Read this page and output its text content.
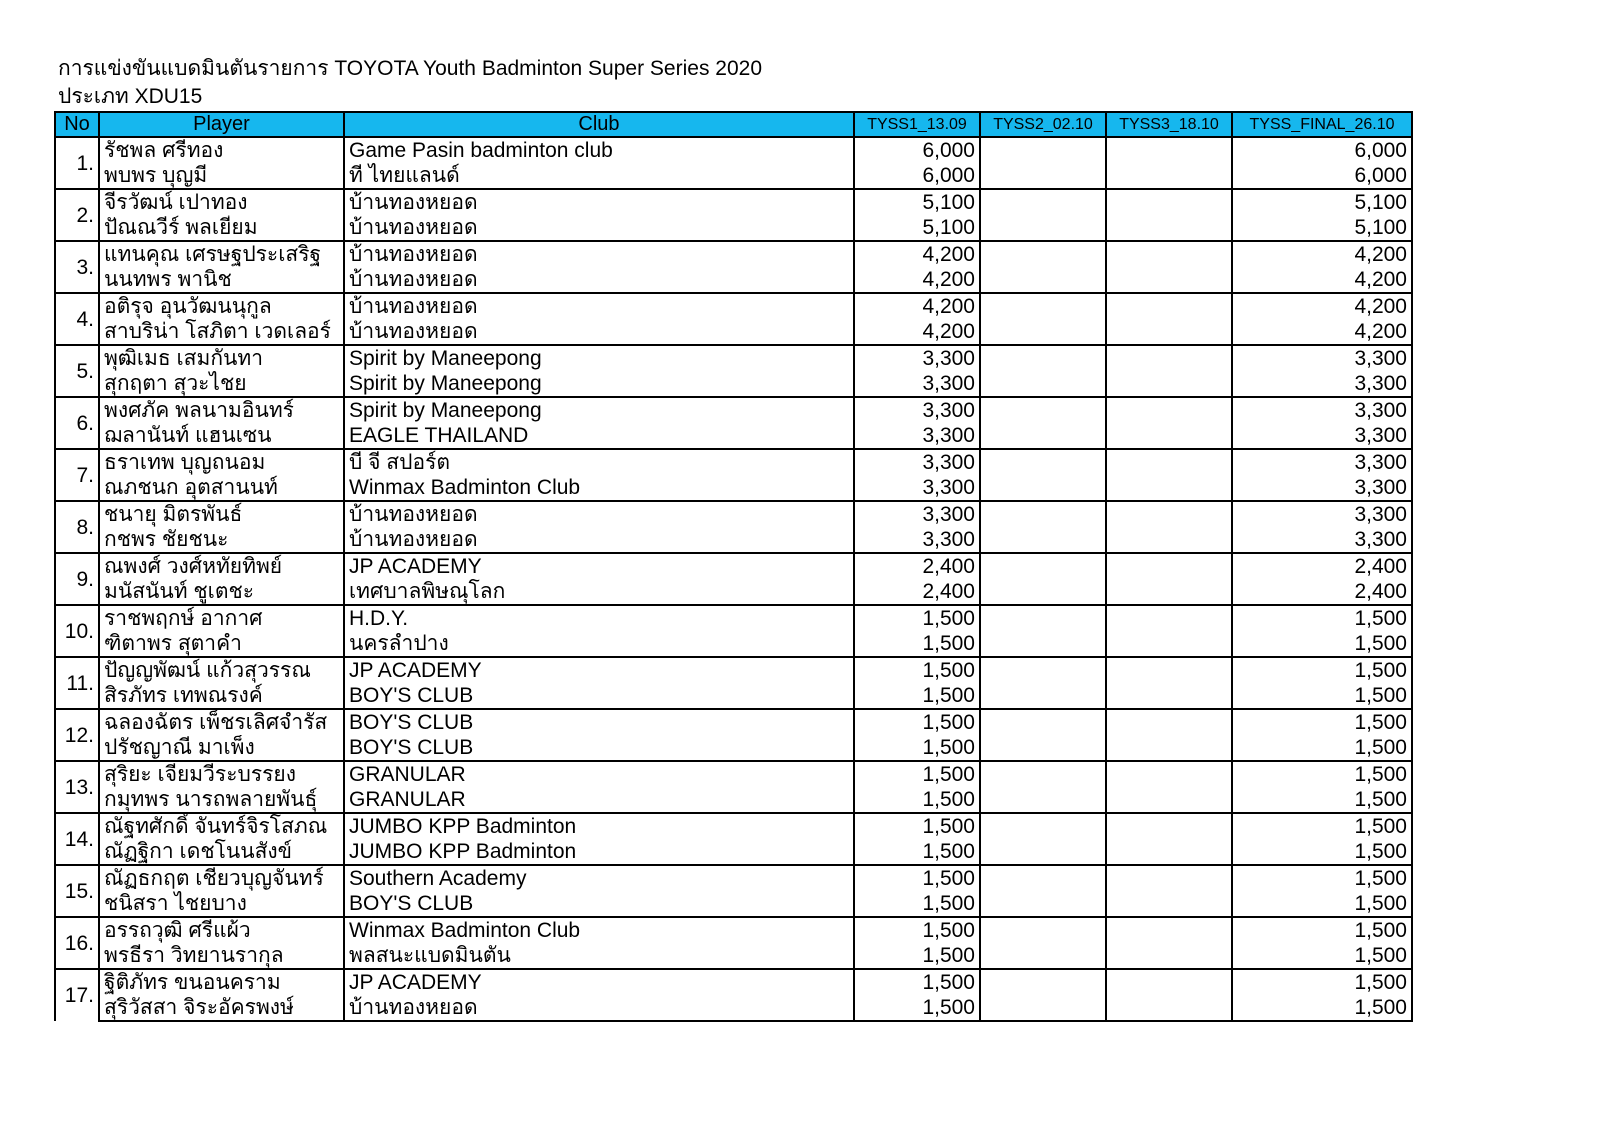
การแข่งขันแบดมินตันรายการ TOYOTA Youth Badminton Super Series 2020
ประเภท XDU15
No	Player	Club	TYSS1_13.09	TYSS2_02.10	TYSS3_18.10	TYSS_FINAL_26.10
1.	รัชพล ศรีทอง	Game Pasin badminton club	6,000			6,000
	พบพร บุญมี	ที ไทยแลนด์	6,000			6,000
2.	จีรวัฒน์ เปาทอง	บ้านทองหยอด	5,100			5,100
	ปัณณวีร์ พลเยี่ยม	บ้านทองหยอด	5,100			5,100
3.	แทนคุณ เศรษฐประเสริฐ	บ้านทองหยอด	4,200			4,200
	นนทพร พานิช	บ้านทองหยอด	4,200			4,200
4.	อติรุจ อุนวัฒนนุกูล	บ้านทองหยอด	4,200			4,200
	สาบริน่า โสภิตา เวดเลอร์	บ้านทองหยอด	4,200			4,200
5.	พุฒิเมธ เสมกันทา	Spirit by Maneepong	3,300			3,300
	สุกฤตา สุวะไชย	Spirit by Maneepong	3,300			3,300
6.	พงศภัค พลนามอินทร์	Spirit by Maneepong	3,300			3,300
	ฌลานันท์ แฮนเซน	EAGLE THAILAND	3,300			3,300
7.	ธราเทพ บุญถนอม	บี จี สปอร์ต	3,300			3,300
	ณภชนก อุตสานนท์	Winmax Badminton Club	3,300			3,300
8.	ชนายุ มิตรพันธ์	บ้านทองหยอด	3,300			3,300
	กชพร ชัยชนะ	บ้านทองหยอด	3,300			3,300
9.	ณพงศ์ วงศ์หทัยทิพย์	JP ACADEMY	2,400			2,400
	มนัสนันท์ ชูเตชะ	เทศบาลพิษณุโลก	2,400			2,400
10.	ราชพฤกษ์ อากาศ	H.D.Y.	1,500			1,500
	ฑิตาพร สุตาคำ	นครลำปาง	1,500			1,500
11.	ปัญญพัฒน์ แก้วสุวรรณ	JP ACADEMY	1,500			1,500
	สิรภัทร เทพณรงค์	BOY'S CLUB	1,500			1,500
12.	ฉลองฉัตร เพ็ชรเลิศจำรัส	BOY'S CLUB	1,500			1,500
	ปรัชญาณี มาเพ็ง	BOY'S CLUB	1,500			1,500
13.	สุริยะ เจียมวีระบรรยง	GRANULAR	1,500			1,500
	กมุทพร นารถพลายพันธุ์	GRANULAR	1,500			1,500
14.	ณัฐทศักดิ์ จันทร์จิรโสภณ	JUMBO KPP Badminton	1,500			1,500
	ณัฏฐิกา เดชโนนสังข์	JUMBO KPP Badminton	1,500			1,500
15.	ณัฏธกฤต เชียวบุญจันทร์	Southern Academy	1,500			1,500
	ชนิสรา ไชยบาง	BOY'S CLUB	1,500			1,500
16.	อรรถวุฒิ ศรีแผ้ว	Winmax Badminton Club	1,500			1,500
	พรธีรา วิทยานรากุล	พลสนะแบดมินตัน	1,500			1,500
17.	ฐิติภัทร ขนอนคราม	JP ACADEMY	1,500			1,500
	สุริวัสสา จิระอัครพงษ์	บ้านทองหยอด	1,500			1,500
